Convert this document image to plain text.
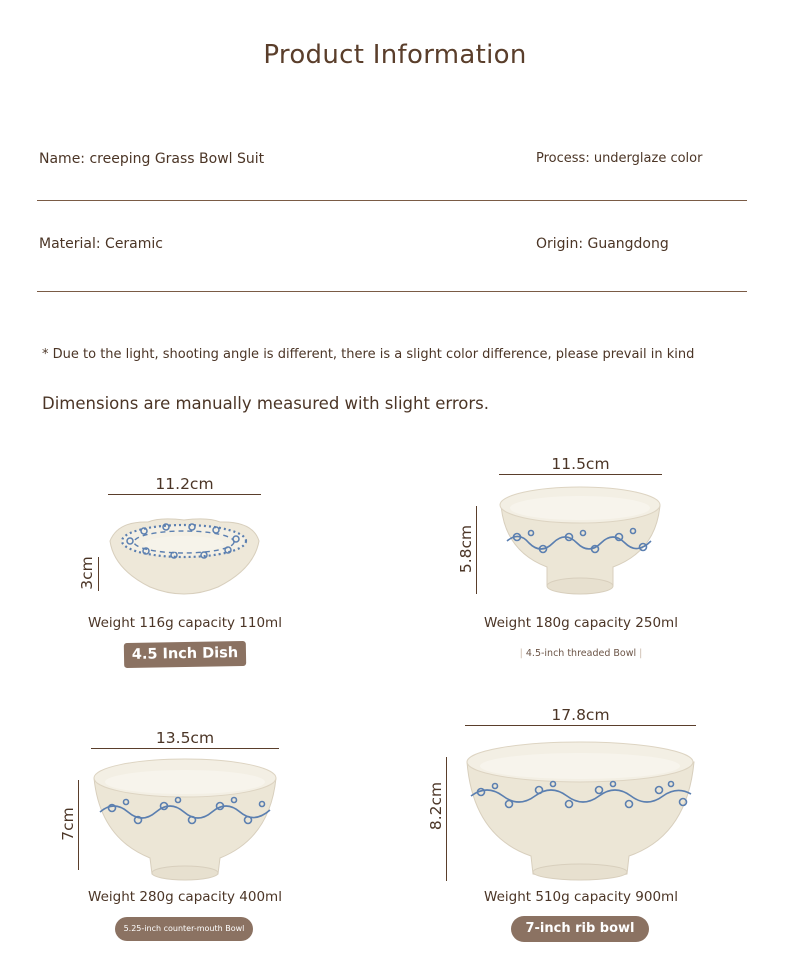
Product Information
Name: creeping Grass Bowl Suit	Process: underglaze color
Material: Ceramic	Origin: Guangdong
* Due to the light, shooting angle is different, there is a slight color difference, please prevail in kind
Dimensions are manually measured with slight errors.
11.2cm
3cm
Weight 116g capacity 110ml
4.5 Inch Dish
11.5cm
5.8cm
Weight 180g capacity 250ml
| 4.5-inch threaded Bowl |
13.5cm
7cm
Weight 280g capacity 400ml
5.25-inch counter-mouth Bowl
17.8cm
8.2cm
Weight 510g capacity 900ml
7-inch rib bowl
